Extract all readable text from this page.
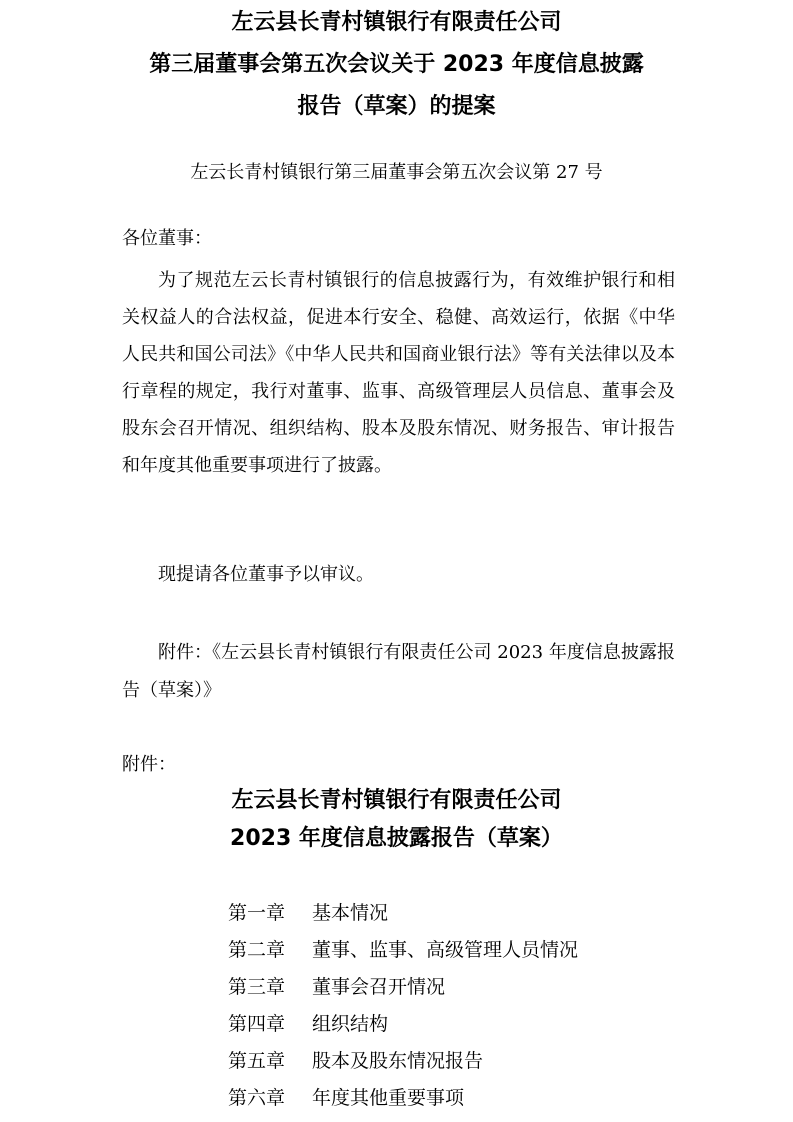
左云县长青村镇银行有限责任公司
第三届董事会第五次会议关于 2023 年度信息披露
报告（草案）的提案

左云长青村镇银行第三届董事会第五次会议第 27 号

各位董事：

为了规范左云长青村镇银行的信息披露行为，有效维护银行和相关权益人的合法权益，促进本行安全、稳健、高效运行，依据《中华人民共和国公司法》《中华人民共和国商业银行法》等有关法律以及本行章程的规定，我行对董事、监事、高级管理层人员信息、董事会及股东会召开情况、组织结构、股本及股东情况、财务报告、审计报告和年度其他重要事项进行了披露。

现提请各位董事予以审议。

附件：《左云县长青村镇银行有限责任公司 2023 年度信息披露报告（草案）》

附件：

左云县长青村镇银行有限责任公司
2023 年度信息披露报告（草案）
第一章 基本情况
第二章 董事、监事、高级管理人员情况
第三章 董事会召开情况
第四章 组织结构
第五章 股本及股东情况报告
第六章 年度其他重要事项
